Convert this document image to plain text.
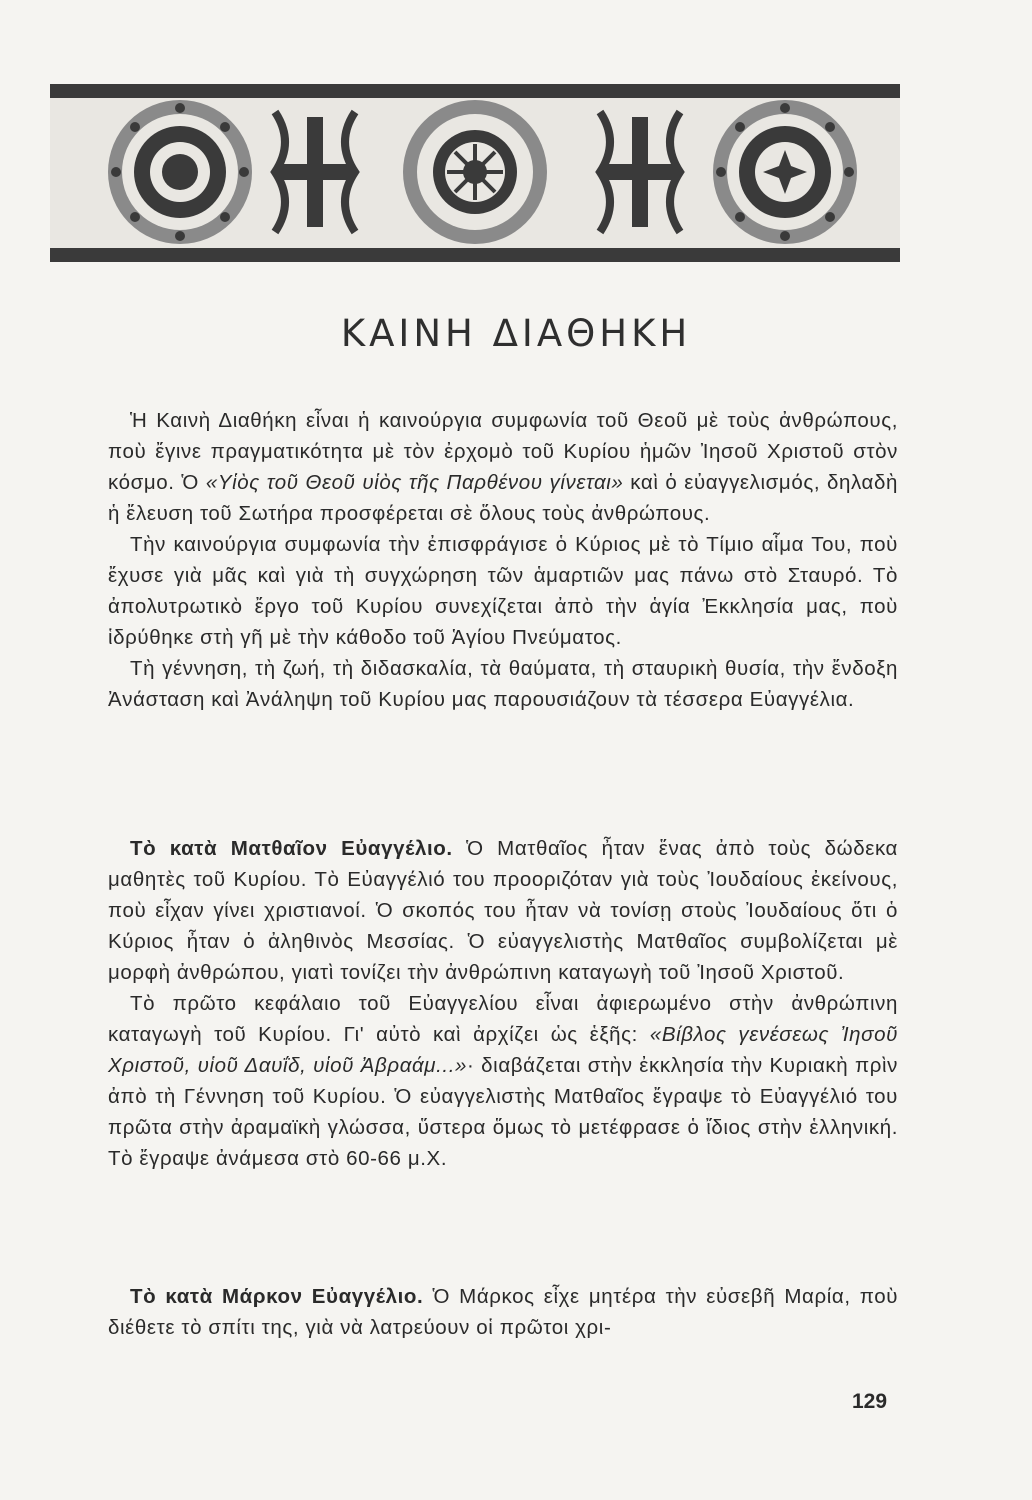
ΚΑΙΝΗ ΔΙΑΘΗΚΗ

Ἡ Καινὴ Διαθήκη εἶναι ἡ καινούργια συμφωνία τοῦ Θεοῦ μὲ τοὺς ἀνθρώπους, ποὺ ἔγινε πραγματικότητα μὲ τὸν ἐρχομὸ τοῦ Κυρίου ἡμῶν Ἰησοῦ Χριστοῦ στὸν κόσμο. Ὁ «Υἱὸς τοῦ Θεοῦ υἱὸς τῆς Παρθένου γίνεται» καὶ ὁ εὐαγγελισμός, δηλαδὴ ἡ ἔλευση τοῦ Σωτήρα προσφέρεται σὲ ὅλους τοὺς ἀνθρώπους.

Τὴν καινούργια συμφωνία τὴν ἐπισφράγισε ὁ Κύριος μὲ τὸ Τίμιο αἷμα Του, ποὺ ἔχυσε γιὰ μᾶς καὶ γιὰ τὴ συγχώρηση τῶν ἁμαρτιῶν μας πάνω στὸ Σταυρό. Τὸ ἀπολυτρωτικὸ ἔργο τοῦ Κυρίου συνεχίζεται ἀπὸ τὴν ἁγία Ἐκκλησία μας, ποὺ ἱδρύθηκε στὴ γῆ μὲ τὴν κάθοδο τοῦ Ἁγίου Πνεύματος.

Τὴ γέννηση, τὴ ζωή, τὴ διδασκαλία, τὰ θαύματα, τὴ σταυρικὴ θυσία, τὴν ἔνδοξη Ἀνάσταση καὶ Ἀνάληψη τοῦ Κυρίου μας παρουσιάζουν τὰ τέσσερα Εὐαγγέλια.

Τὸ κατὰ Ματθαῖον Εὐαγγέλιο. Ὁ Ματθαῖος ἦταν ἕνας ἀπὸ τοὺς δώδεκα μαθητὲς τοῦ Κυρίου. Τὸ Εὐαγγέλιό του προοριζόταν γιὰ τοὺς Ἰουδαίους ἐκείνους, ποὺ εἶχαν γίνει χριστιανοί. Ὁ σκοπός του ἦταν νὰ τονίσῃ στοὺς Ἰουδαίους ὅτι ὁ Κύριος ἦταν ὁ ἀληθινὸς Μεσσίας. Ὁ εὐαγγελιστὴς Ματθαῖος συμβολίζεται μὲ μορφὴ ἀνθρώπου, γιατὶ τονίζει τὴν ἀνθρώπινη καταγωγὴ τοῦ Ἰησοῦ Χριστοῦ.

Τὸ πρῶτο κεφάλαιο τοῦ Εὐαγγελίου εἶναι ἀφιερωμένο στὴν ἀνθρώπινη καταγωγὴ τοῦ Κυρίου. Γι' αὐτὸ καὶ ἀρχίζει ὡς ἑξῆς: «Βίβλος γενέσεως Ἰησοῦ Χριστοῦ, υἱοῦ Δαυΐδ, υἱοῦ Ἀβραάμ...»· διαβάζεται στὴν ἐκκλησία τὴν Κυριακὴ πρὶν ἀπὸ τὴ Γέννηση τοῦ Κυρίου. Ὁ εὐαγγελιστὴς Ματθαῖος ἔγραψε τὸ Εὐαγγέλιό του πρῶτα στὴν ἀραμαϊκὴ γλώσσα, ὕστερα ὅμως τὸ μετέφρασε ὁ ἴδιος στὴν ἑλληνική. Τὸ ἔγραψε ἀνάμεσα στὸ 60-66 μ.Χ.

Τὸ κατὰ Μάρκον Εὐαγγέλιο. Ὁ Μάρκος εἶχε μητέρα τὴν εὐσεβῆ Μαρία, ποὺ διέθετε τὸ σπίτι της, γιὰ νὰ λατρεύουν οἱ πρῶτοι χρι-

129
